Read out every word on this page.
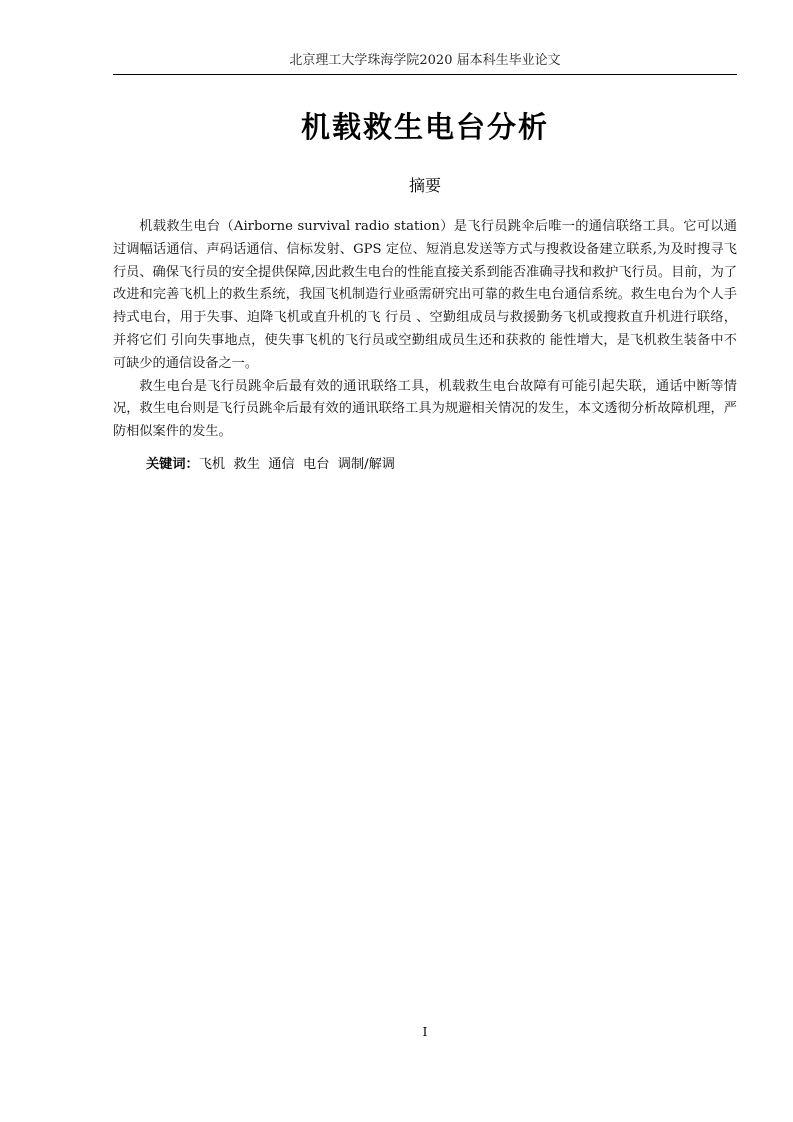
北京理工大学珠海学院2020 届本科生毕业论文
机载救生电台分析
摘要

机载救生电台（Airborne survival radio station）是飞行员跳伞后唯一的通信联络工具。它可以通过调幅话通信、声码话通信、信标发射、GPS 定位、短消息发送等方式与搜救设备建立联系,为及时搜寻飞行员、确保飞行员的安全提供保障,因此救生电台的性能直接关系到能否准确寻找和救护飞行员。目前，为了改进和完善飞机上的救生系统，我国飞机制造行业亟需研究出可靠的救生电台通信系统。救生电台为个人手持式电台，用于失事、迫降飞机或直升机的飞 行员 、空勤组成员与救援勤务飞机或搜救直升机进行联络，并将它们 引向失事地点，使失事飞机的飞行员或空勤组成员生还和获救的 能性增大，是飞机救生装备中不可缺少的通信设备之一。

救生电台是飞行员跳伞后最有效的通讯联络工具，机载救生电台故障有可能引起失联，通话中断等情况，救生电台则是飞行员跳伞后最有效的通讯联络工具为规避相关情况的发生，本文透彻分析故障机理，严防相似案件的发生。

关键词：飞机  救生  通信  电台  调制/解调
I
